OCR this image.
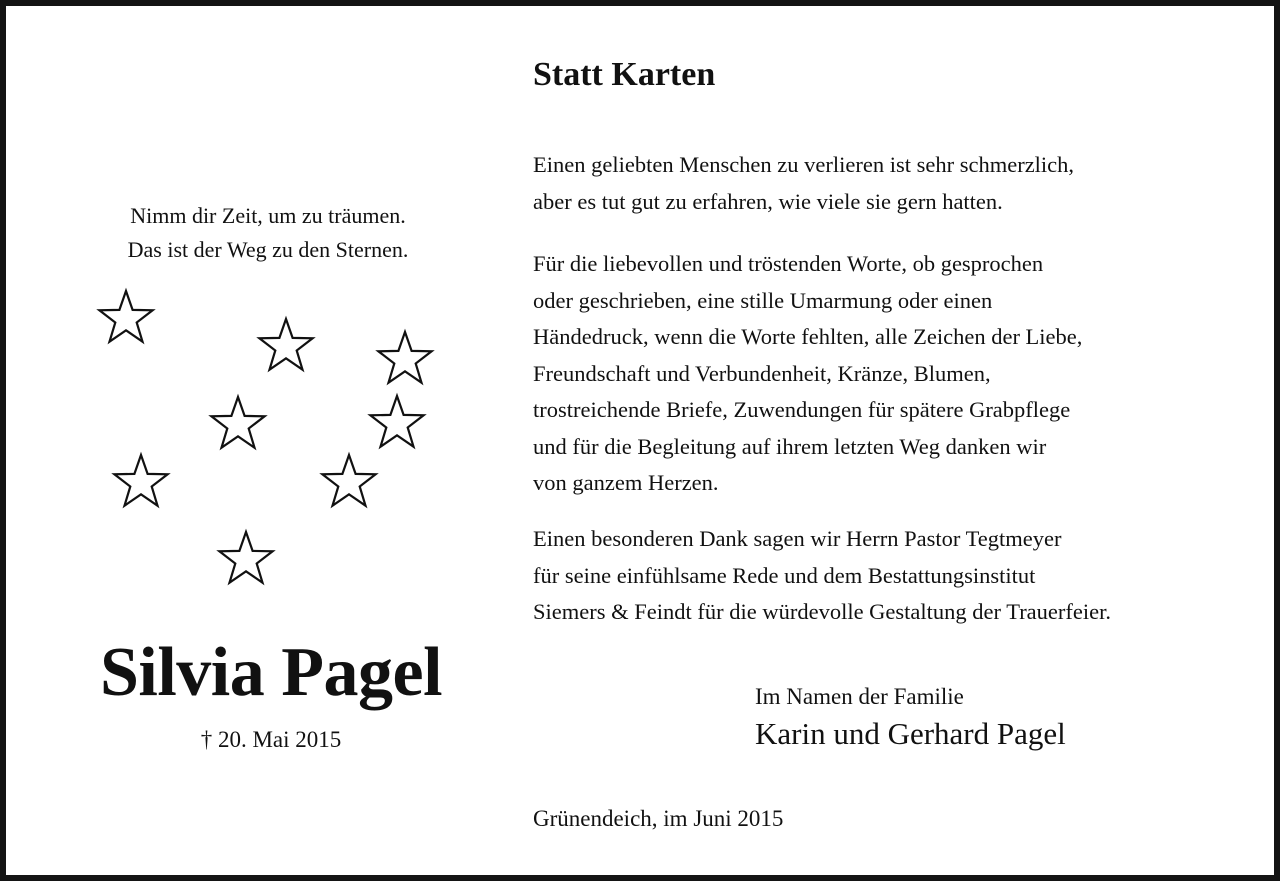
Nimm dir Zeit, um zu träumen.
Das ist der Weg zu den Sternen.
Silvia Pagel
† 20. Mai 2015
Statt Karten
Einen geliebten Menschen zu verlieren ist sehr schmerzlich,
aber es tut gut zu erfahren, wie viele sie gern hatten.
Für die liebevollen und tröstenden Worte, ob gesprochen
oder geschrieben, eine stille Umarmung oder einen
Händedruck, wenn die Worte fehlten, alle Zeichen der Liebe,
Freundschaft und Verbundenheit, Kränze, Blumen,
trostreichende Briefe, Zuwendungen für spätere Grabpflege
und für die Begleitung auf ihrem letzten Weg danken wir
von ganzem Herzen.
Einen besonderen Dank sagen wir Herrn Pastor Tegtmeyer
für seine einfühlsame Rede und dem Bestattungsinstitut
Siemers & Feindt für die würdevolle Gestaltung der Trauerfeier.
Im Namen der Familie
Karin und Gerhard Pagel
Grünendeich, im Juni 2015
